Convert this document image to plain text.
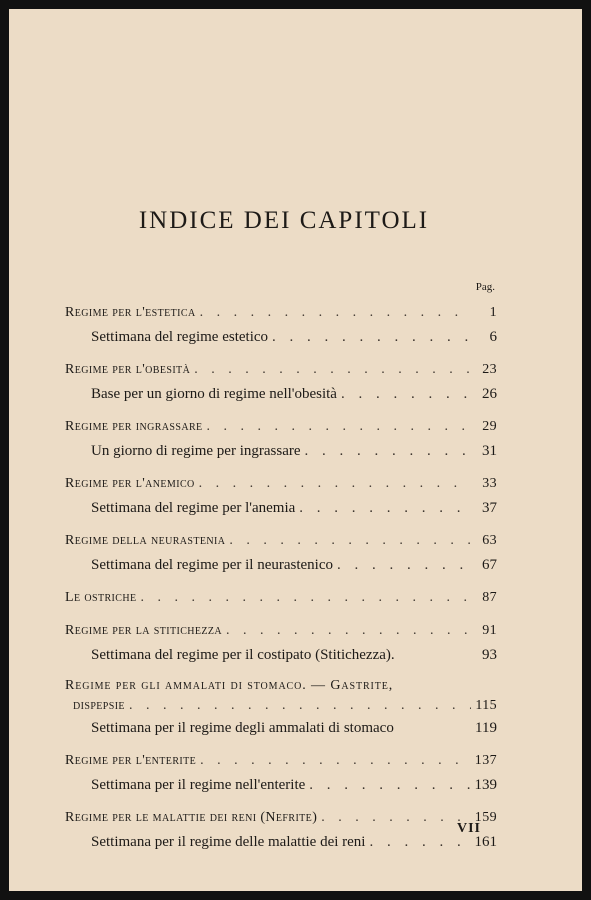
INDICE DEI CAPITOLI
Pag.
Regime per l'estetica . . .	1
Settimana del regime estetico . . .	6
Regime per l'obesità . . .	23
Base per un giorno di regime nell'obesità . . .	26
Regime per ingrassare . . .	29
Un giorno di regime per ingrassare . . .	31
Regime per l'anemico . . .	33
Settimana del regime per l'anemia . . .	37
Regime della neurastenia . . .	63
Settimana del regime per il neurastenico . . .	67
Le ostriche . . .	87
Regime per la stitichezza . . .	91
Settimana del regime per il costipato (Stitichezza).	93
Regime per gli ammalati di stomaco. — Gastrite,
dispepsie . . .	115
Settimana per il regime degli ammalati di stomaco	119
Regime per l'enterite . . .	137
Settimana per il regime nell'enterite . . .	139
Regime per le malattie dei reni (Nefrite) . . .	159
Settimana per il regime delle malattie dei reni . . .	161
VII
